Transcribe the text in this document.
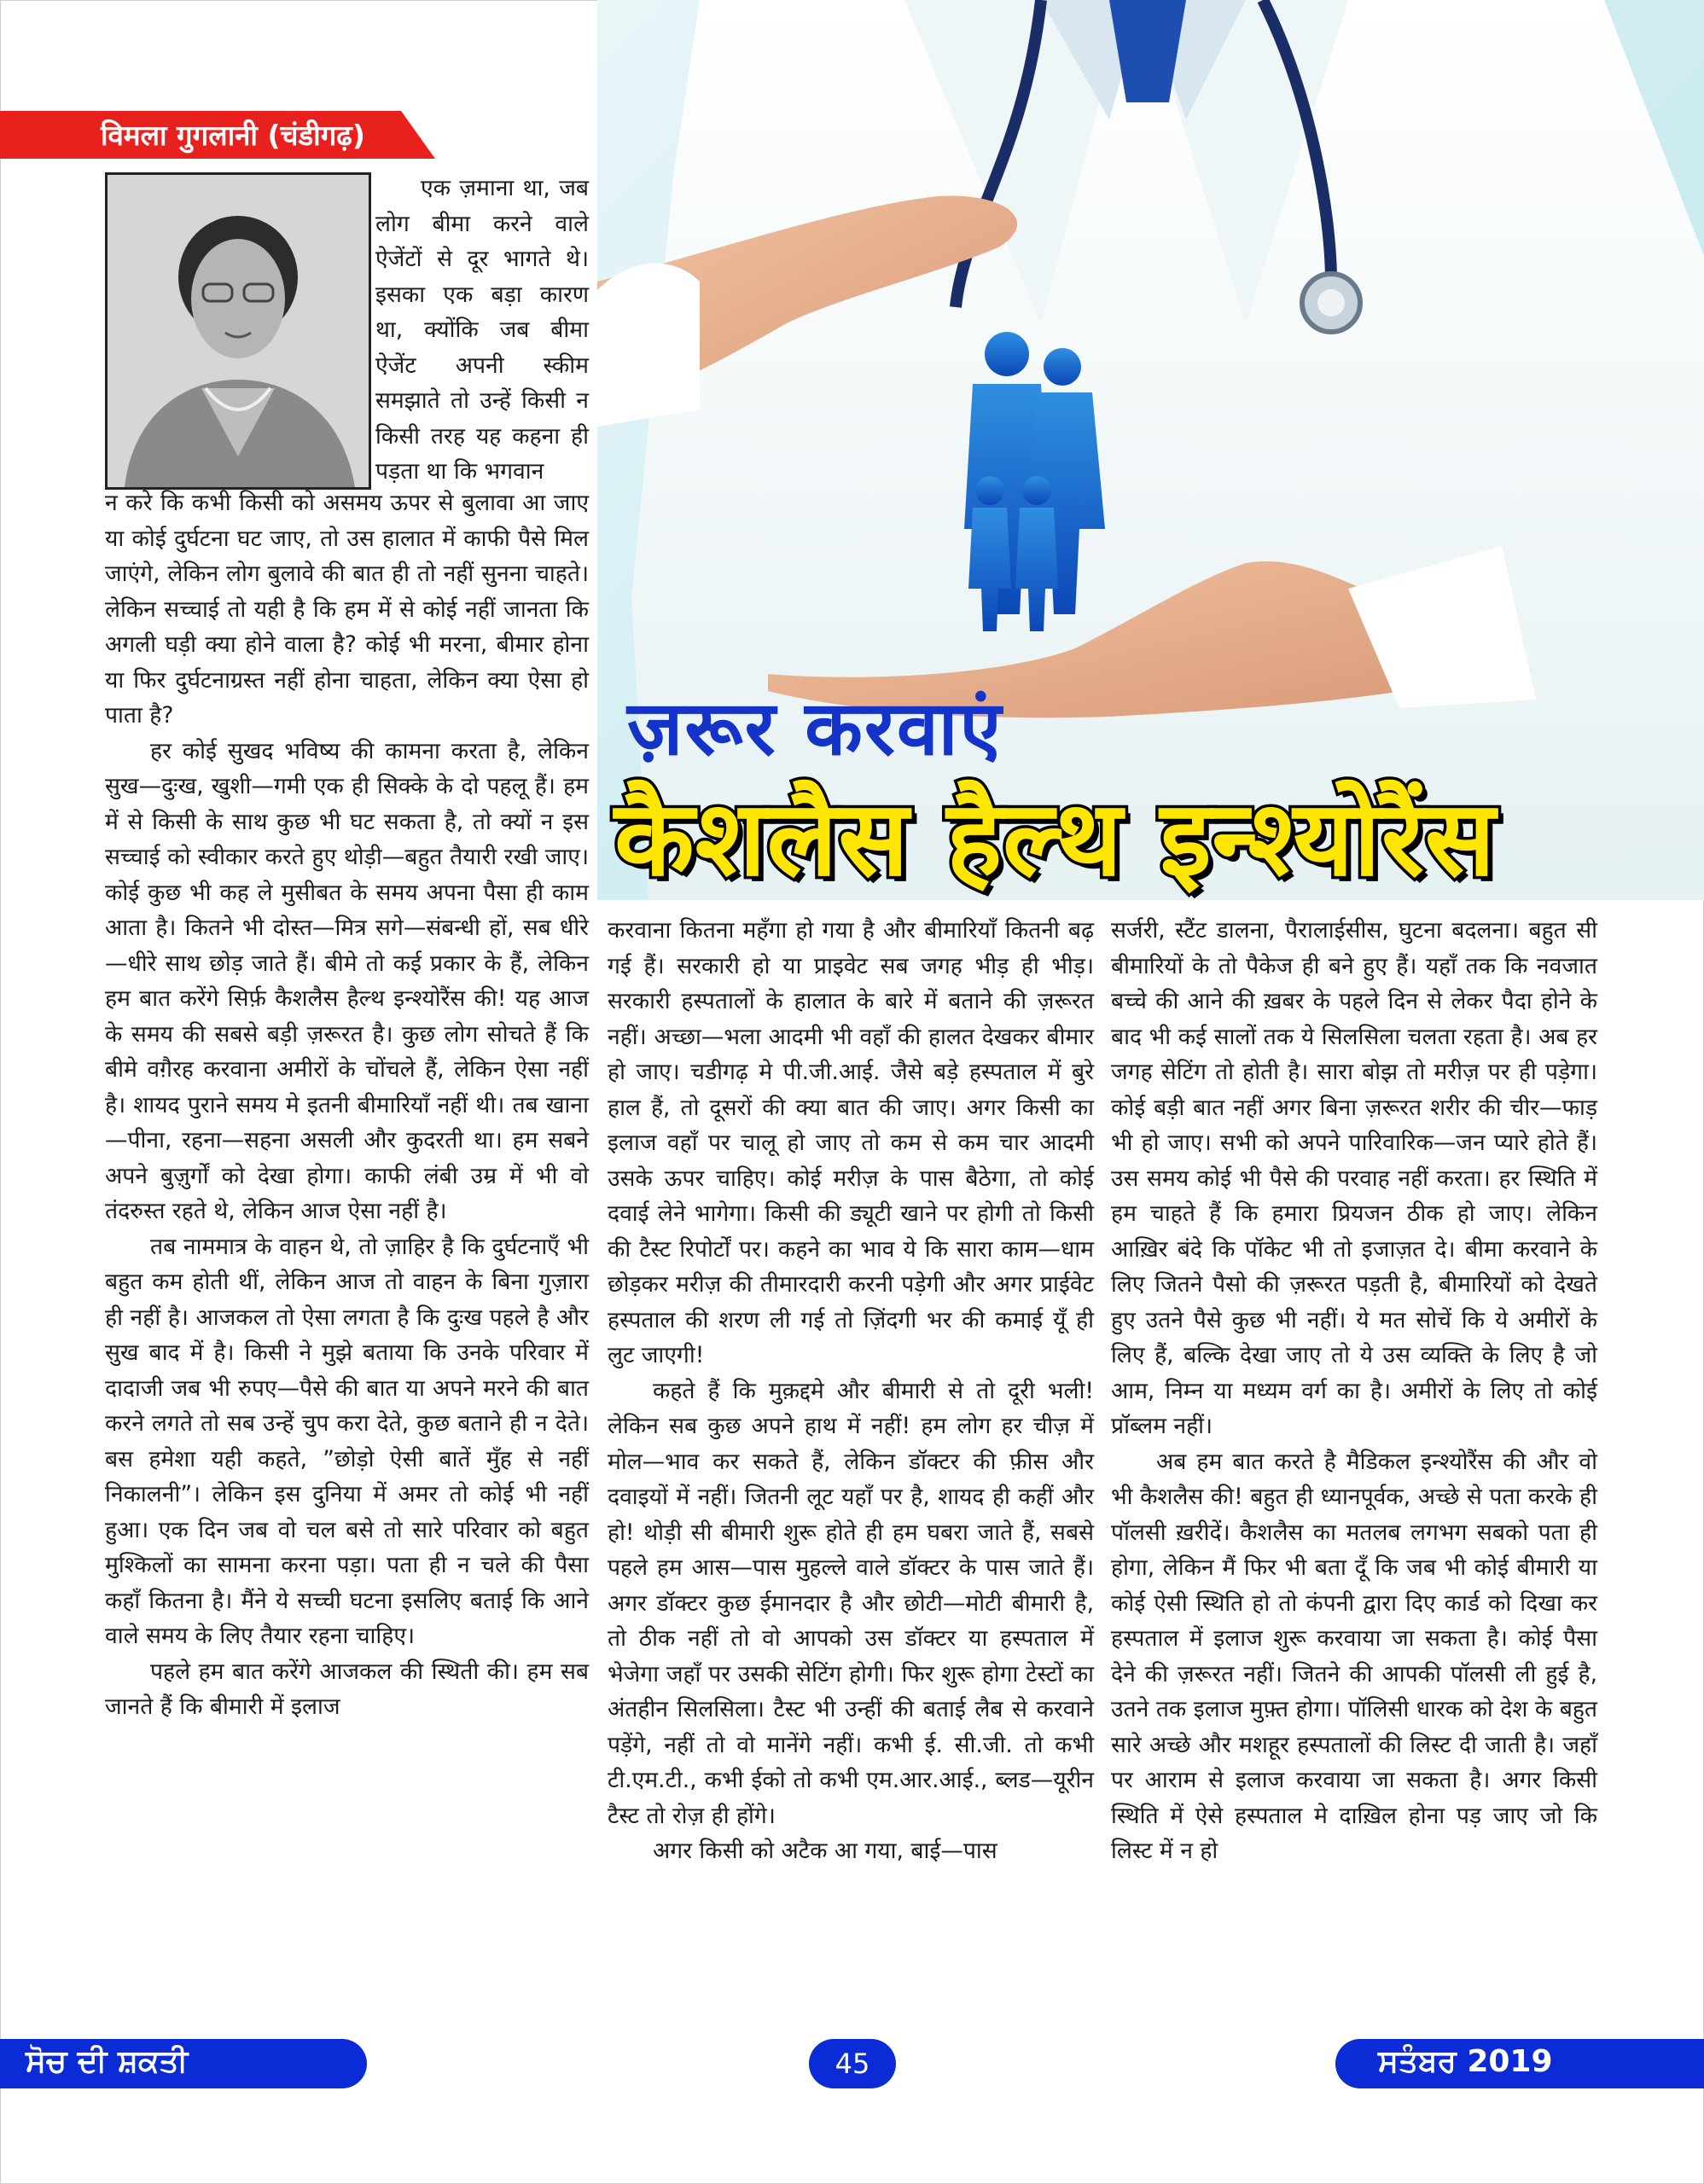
विमला गुगलानी (चंडीगढ़)
ज़रूर करवाएं
कैशलैस हैल्थ इन्श्योरैंस

एक ज़माना था, जब लोग बीमा करने वाले ऐजेंटों से दूर भागते थे। इसका एक बड़ा कारण था, क्योंकि जब बीमा ऐजेंट अपनी स्कीम समझाते तो उन्हें किसी न किसी तरह यह कहना ही पड़ता था कि भगवान

न करे कि कभी किसी को असमय ऊपर से बुलावा आ जाए या कोई दुर्घटना घट जाए, तो उस हालात में काफी पैसे मिल जाएंगे, लेकिन लोग बुलावे की बात ही तो नहीं सुनना चाहते। लेकिन सच्चाई तो यही है कि हम में से कोई नहीं जानता कि अगली घड़ी क्या होने वाला है? कोई भी मरना, बीमार होना या फिर दुर्घटनाग्रस्त नहीं होना चाहता, लेकिन क्या ऐसा हो पाता है?

हर कोई सुखद भविष्य की कामना करता है, लेकिन सुख—दुःख, खुशी—गमी एक ही सिक्के के दो पहलू हैं। हम में से किसी के साथ कुछ भी घट सकता है, तो क्यों न इस सच्चाई को स्वीकार करते हुए थोड़ी—बहुत तैयारी रखी जाए। कोई कुछ भी कह ले मुसीबत के समय अपना पैसा ही काम आता है। कितने भी दोस्त—मित्र सगे—संबन्धी हों, सब धीरे—धीरे साथ छोड़ जाते हैं। बीमे तो कई प्रकार के हैं, लेकिन हम बात करेंगे सिर्फ़ कैशलैस हैल्थ इन्श्योरैंस की! यह आज के समय की सबसे बड़ी ज़रूरत है। कुछ लोग सोचते हैं कि बीमे वग़ैरह करवाना अमीरों के चोंचले हैं, लेकिन ऐसा नहीं है। शायद पुराने समय मे इतनी बीमारियाँ नहीं थी। तब खाना—पीना, रहना—सहना असली और कुदरती था। हम सबने अपने बुज़ुर्गों को देखा होगा। काफी लंबी उम्र में भी वो तंदरुस्त रहते थे, लेकिन आज ऐसा नहीं है।

तब नाममात्र के वाहन थे, तो ज़ाहिर है कि दुर्घटनाएँ भी बहुत कम होती थीं, लेकिन आज तो वाहन के बिना गुज़ारा ही नहीं है। आजकल तो ऐसा लगता है कि दुःख पहले है और सुख बाद में है। किसी ने मुझे बताया कि उनके परिवार में दादाजी जब भी रुपए—पैसे की बात या अपने मरने की बात करने लगते तो सब उन्हें चुप करा देते, कुछ बताने ही न देते। बस हमेशा यही कहते, ”छोड़ो ऐसी बातें मुँह से नहीं निकालनी”। लेकिन इस दुनिया में अमर तो कोई भी नहीं हुआ। एक दिन जब वो चल बसे तो सारे परिवार को बहुत मुश्किलों का सामना करना पड़ा। पता ही न चले की पैसा कहाँ कितना है। मैंने ये सच्ची घटना इसलिए बताई कि आने वाले समय के लिए तैयार रहना चाहिए।

पहले हम बात करेंगे आजकल की स्थिती की। हम सब जानते हैं कि बीमारी में इलाज

करवाना कितना महँगा हो गया है और बीमारियाँ कितनी बढ़ गई हैं। सरकारी हो या प्राइवेट सब जगह भीड़ ही भीड़। सरकारी हस्पतालों के हालात के बारे में बताने की ज़रूरत नहीं। अच्छा—भला आदमी भी वहाँ की हालत देखकर बीमार हो जाए। चडीगढ़ मे पी.जी.आई. जैसे बड़े हस्पताल में बुरे हाल हैं, तो दूसरों की क्या बात की जाए। अगर किसी का इलाज वहाँ पर चालू हो जाए तो कम से कम चार आदमी उसके ऊपर चाहिए। कोई मरीज़ के पास बैठेगा, तो कोई दवाई लेने भागेगा। किसी की ड्यूटी खाने पर होगी तो किसी की टैस्ट रिपोर्टों पर। कहने का भाव ये कि सारा काम—धाम छोड़कर मरीज़ की तीमारदारी करनी पड़ेगी और अगर प्राईवेट हस्पताल की शरण ली गई तो ज़िंदगी भर की कमाई यूँ ही लुट जाएगी!

कहते हैं कि मुक़द्दमे और बीमारी से तो दूरी भली! लेकिन सब कुछ अपने हाथ में नहीं! हम लोग हर चीज़ में मोल—भाव कर सकते हैं, लेकिन डॉक्टर की फ़ीस और दवाइयों में नहीं। जितनी लूट यहाँ पर है, शायद ही कहीं और हो! थोड़ी सी बीमारी शुरू होते ही हम घबरा जाते हैं, सबसे पहले हम आस—पास मुहल्ले वाले डॉक्टर के पास जाते हैं। अगर डॉक्टर कुछ ईमानदार है और छोटी—मोटी बीमारी है, तो ठीक नहीं तो वो आपको उस डॉक्टर या हस्पताल में भेजेगा जहाँ पर उसकी सेटिंग होगी। फिर शुरू होगा टेस्टों का अंतहीन सिलसिला। टैस्ट भी उन्हीं की बताई लैब से करवाने पड़ेंगे, नहीं तो वो मानेंगे नहीं। कभी ई. सी.जी. तो कभी टी.एम.टी., कभी ईको तो कभी एम.आर.आई., ब्लड—यूरीन टैस्ट तो रोज़ ही होंगे।

अगर किसी को अटैक आ गया, बाई—पास

सर्जरी, स्टैंट डालना, पैरालाईसीस, घुटना बदलना। बहुत सी बीमारियों के तो पैकेज ही बने हुए हैं। यहाँ तक कि नवजात बच्चे की आने की ख़बर के पहले दिन से लेकर पैदा होने के बाद भी कई सालों तक ये सिलसिला चलता रहता है। अब हर जगह सेटिंग तो होती है। सारा बोझ तो मरीज़ पर ही पड़ेगा। कोई बड़ी बात नहीं अगर बिना ज़रूरत शरीर की चीर—फाड़ भी हो जाए। सभी को अपने पारिवारिक—जन प्यारे होते हैं। उस समय कोई भी पैसे की परवाह नहीं करता। हर स्थिति में हम चाहते हैं कि हमारा प्रियजन ठीक हो जाए। लेकिन आख़िर बंदे कि पॉकेट भी तो इजाज़त दे। बीमा करवाने के लिए जितने पैसो की ज़रूरत पड़ती है, बीमारियों को देखते हुए उतने पैसे कुछ भी नहीं। ये मत सोचें कि ये अमीरों के लिए हैं, बल्कि देखा जाए तो ये उस व्यक्ति के लिए है जो आम, निम्न या मध्यम वर्ग का है। अमीरों के लिए तो कोई प्रॉब्लम नहीं।

अब हम बात करते है मैडिकल इन्श्योरैंस की और वो भी कैशलैस की! बहुत ही ध्यानपूर्वक, अच्छे से पता करके ही पॉलसी ख़रीदें। कैशलैस का मतलब लगभग सबको पता ही होगा, लेकिन मैं फिर भी बता दूँ कि जब भी कोई बीमारी या कोई ऐसी स्थिति हो तो कंपनी द्वारा दिए कार्ड को दिखा कर हस्पताल में इलाज शुरू करवाया जा सकता है। कोई पैसा देने की ज़रूरत नहीं। जितने की आपकी पॉलसी ली हुई है, उतने तक इलाज मुफ़्त होगा। पॉलिसी धारक को देश के बहुत सारे अच्छे और मशहूर हस्पतालों की लिस्ट दी जाती है। जहाँ पर आराम से इलाज करवाया जा सकता है। अगर किसी स्थिति में ऐसे हस्पताल मे दाख़िल होना पड़ जाए जो कि लिस्ट में न हो

ਸੋਚ ਦੀ ਸ਼ਕਤੀ	45	ਸਤੰਬਰ 2019
